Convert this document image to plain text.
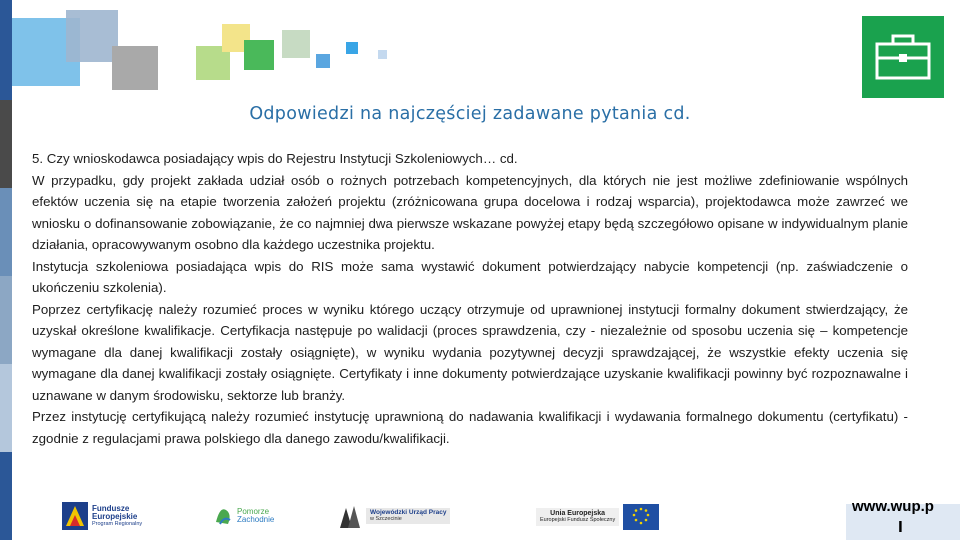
Odpowiedzi na najczęściej zadawane pytania cd.

5. Czy wnioskodawca posiadający wpis do Rejestru Instytucji Szkoleniowych… cd.

W przypadku, gdy projekt zakłada udział osób o rożnych potrzebach kompetencyjnych, dla których nie jest możliwe zdefiniowanie wspólnych efektów uczenia się na etapie tworzenia założeń projektu (zróżnicowana grupa docelowa i rodzaj wsparcia), projektodawca może zawrzeć we wniosku o dofinansowanie zobowiązanie, że co najmniej dwa pierwsze wskazane powyżej etapy będą szczegółowo opisane w indywidualnym planie działania, opracowywanym osobno dla każdego uczestnika projektu.

Instytucja szkoleniowa posiadająca wpis do RIS może sama wystawić dokument potwierdzający nabycie kompetencji (np. zaświadczenie o ukończeniu szkolenia).

Poprzez certyfikację należy rozumieć proces w wyniku którego uczący otrzymuje od uprawnionej instytucji formalny dokument stwierdzający, że uzyskał określone kwalifikacje. Certyfikacja następuje po walidacji (proces sprawdzenia, czy - niezależnie od sposobu uczenia się – kompetencje wymagane dla danej kwalifikacji zostały osiągnięte), w wyniku wydania pozytywnej decyzji sprawdzającej, że wszystkie efekty uczenia się wymagane dla danej kwalifikacji zostały osiągnięte. Certyfikaty i inne dokumenty potwierdzające uzyskanie kwalifikacji powinny być rozpoznawalne i uznawane w danym środowisku, sektorze lub branży.

Przez instytucję certyfikującą należy rozumieć instytucję uprawnioną do nadawania kwalifikacji i wydawania formalnego dokumentu (certyfikatu) - zgodnie z regulacjami prawa polskiego dla danego zawodu/kwalifikacji.

Fundusze
Europejskie
Program Regionalny
Pomorze
Zachodnie
Wojewódzki Urząd Pracy
w Szczecinie
Unia Europejska
Europejski Fundusz Społeczny
www.wup.p
l
